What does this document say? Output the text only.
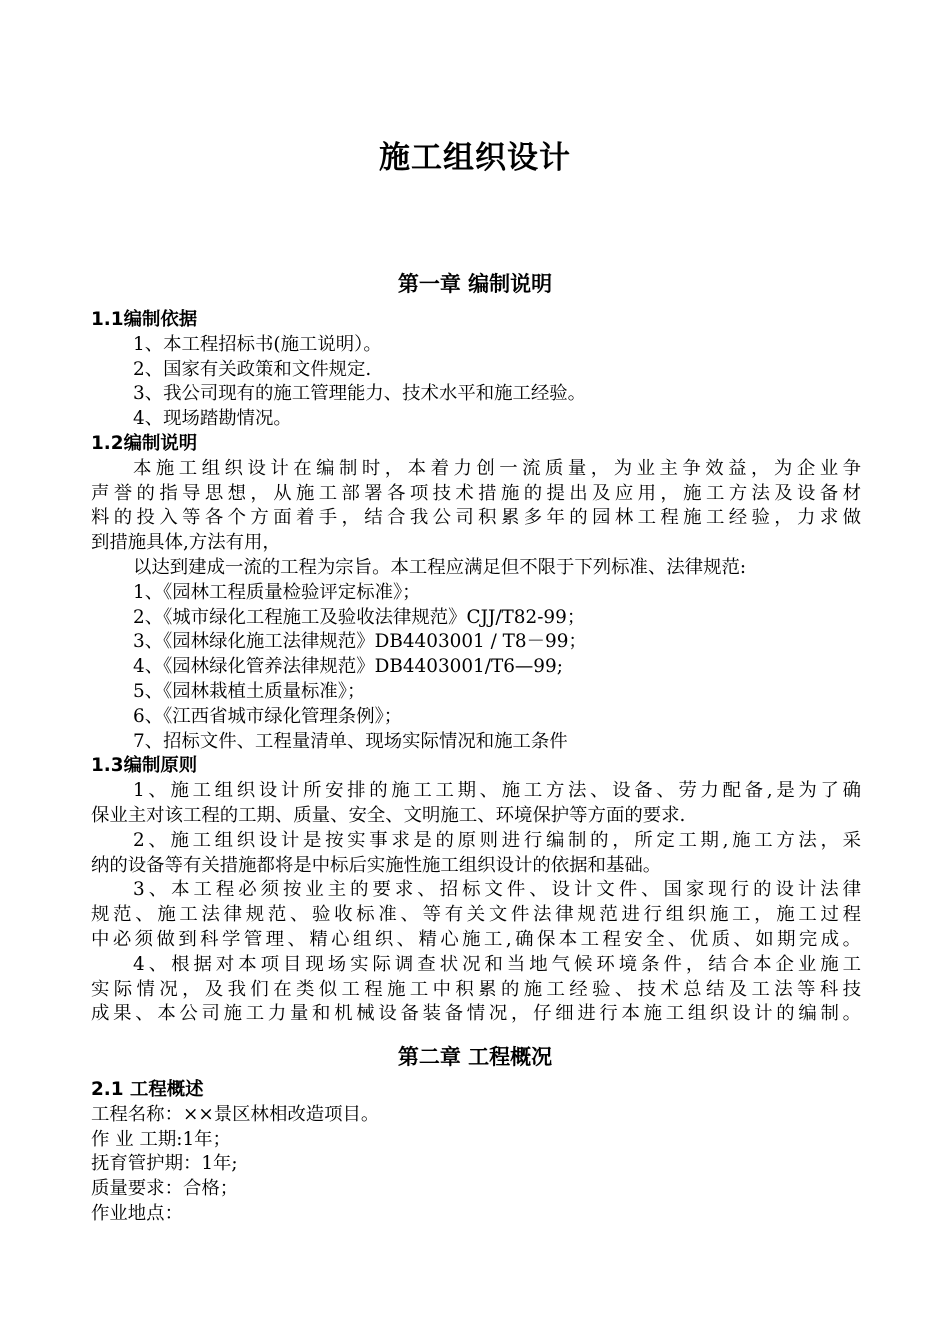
施工组织设计
第一章 编制说明
1.1编制依据
1、本工程招标书(施工说明）。
2、国家有关政策和文件规定.
3、我公司现有的施工管理能力、技术水平和施工经验。
4、现场踏勘情况。
1.2编制说明
本施工组织设计在编制时，本着力创一流质量，为业主争效益，为企业争
声誉的指导思想，从施工部署各项技术措施的提出及应用，施工方法及设备材
料的投入等各个方面着手，结合我公司积累多年的园林工程施工经验，力求做
到措施具体,方法有用，
以达到建成一流的工程为宗旨。本工程应满足但不限于下列标准、法律规范:
1、《园林工程质量检验评定标准》；
2、《城市绿化工程施工及验收法律规范》CJJ/T82-99；
3、《园林绿化施工法律规范》DB4403001 / T8－99；
4、《园林绿化管养法律规范》DB4403001/T6—99;
5、《园林栽植土质量标准》；
6、《江西省城市绿化管理条例》；
7、招标文件、工程量清单、现场实际情况和施工条件
1.3编制原则
1、施工组织设计所安排的施工工期、施工方法、设备、劳力配备,是为了确
保业主对该工程的工期、质量、安全、文明施工、环境保护等方面的要求.
2、施工组织设计是按实事求是的原则进行编制的，所定工期,施工方法，采
纳的设备等有关措施都将是中标后实施性施工组织设计的依据和基础。
3、本工程必须按业主的要求、招标文件、设计文件、国家现行的设计法律
规范、施工法律规范、验收标准、等有关文件法律规范进行组织施工，施工过程
中必须做到科学管理、精心组织、精心施工,确保本工程安全、优质、如期完成。
4、根据对本项目现场实际调查状况和当地气候环境条件，结合本企业施工
实际情况，及我们在类似工程施工中积累的施工经验、技术总结及工法等科技
成果、本公司施工力量和机械设备装备情况，仔细进行本施工组织设计的编制。
第二章 工程概况
2.1 工程概述
工程名称：××景区林相改造项目。
作 业 工期:1年；
抚育管护期：1年;
质量要求：合格；
作业地点：
